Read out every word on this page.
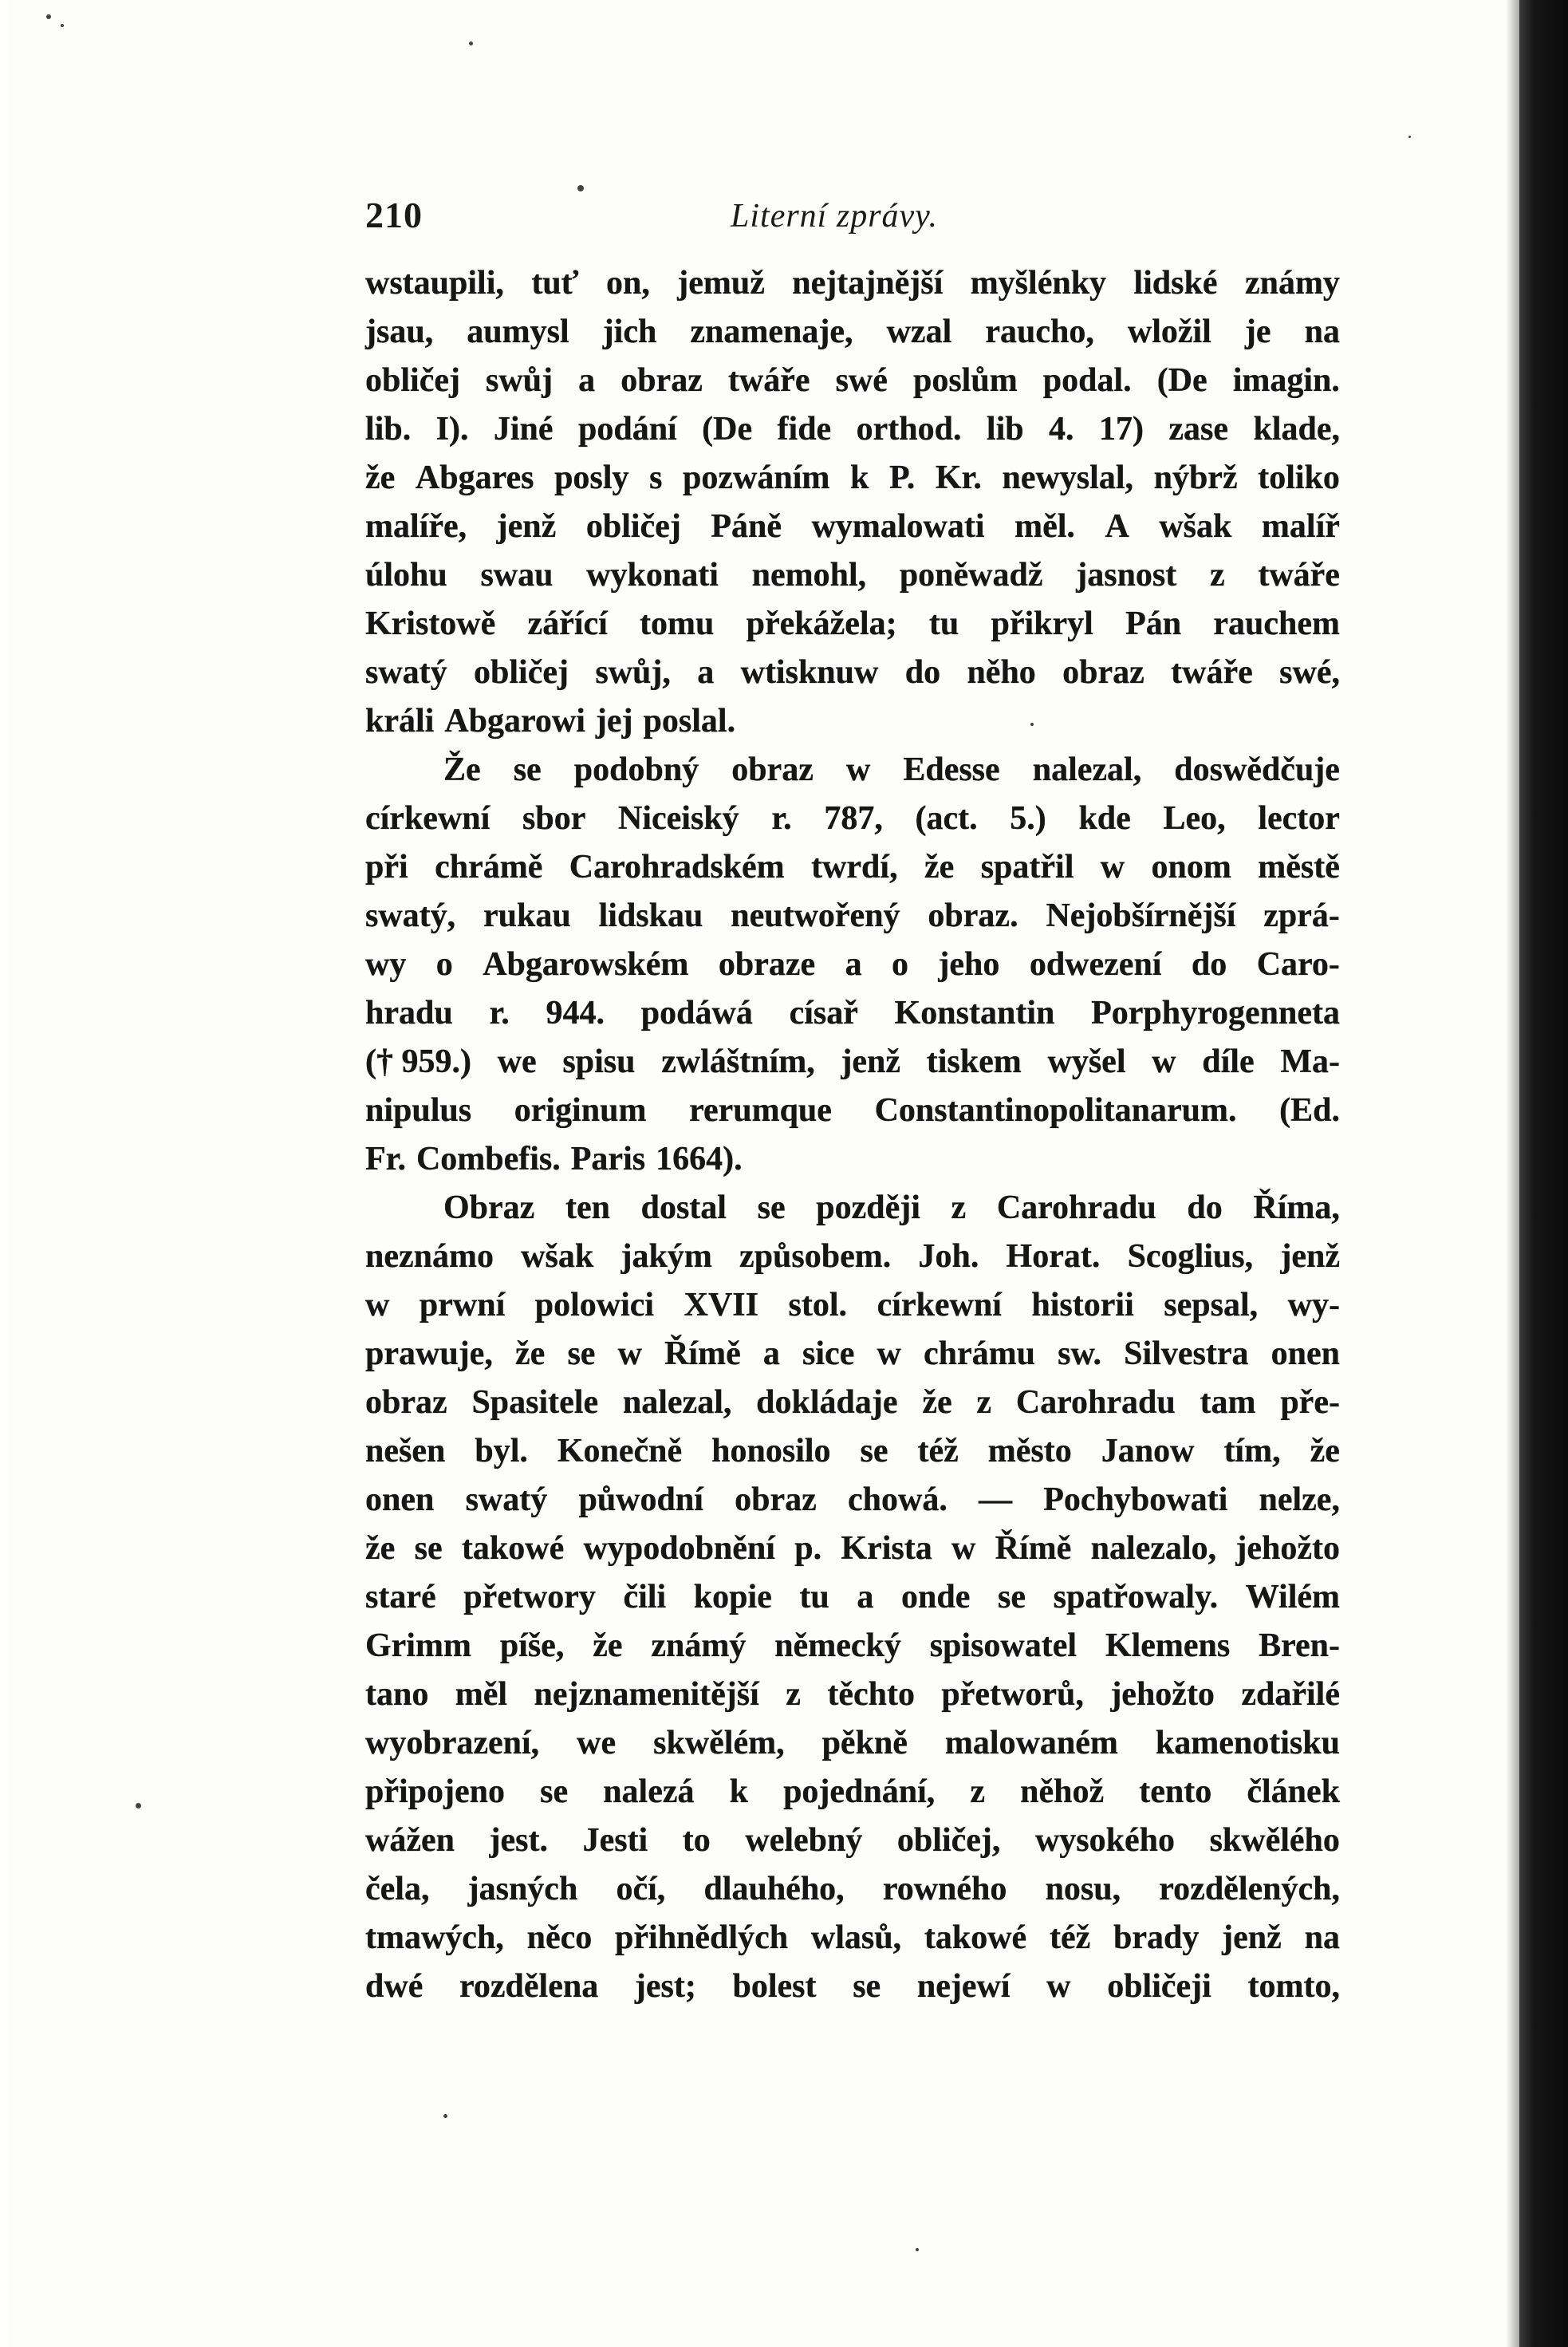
210	Literní zprávy.
wstaupili, tuť on, jemuž nejtajnější myšlénky lidské známy
jsau, aumysl jich znamenaje, wzal raucho, wložil je na
obličej swůj a obraz twáře swé poslům podal. (De imagin.
lib. I). Jiné podání (De fide orthod. lib 4. 17) zase klade,
že Abgares posly s pozwáním k P. Kr. newyslal, nýbrž toliko
malíře, jenž obličej Páně wymalowati měl. A wšak malíř
úlohu swau wykonati nemohl, poněwadž jasnost z twáře
Kristowě zářící tomu překážela; tu přikryl Pán rauchem
swatý obličej swůj, a wtisknuw do něho obraz twáře swé,
králi Abgarowi jej poslal.
Že se podobný obraz w Edesse nalezal, doswědčuje
církewní sbor Niceiský r. 787, (act. 5.) kde Leo, lector
při chrámě Carohradském twrdí, že spatřil w onom městě
swatý, rukau lidskau neutwořený obraz. Nejobšírnější zprá-
wy o Abgarowském obraze a o jeho odwezení do Caro-
hradu r. 944. podáwá císař Konstantin Porphyrogenneta
(† 959.) we spisu zwláštním, jenž tiskem wyšel w díle Ma-
nipulus originum rerumque Constantinopolitanarum. (Ed.
Fr. Combefis. Paris 1664).
Obraz ten dostal se později z Carohradu do Říma,
neznámo wšak jakým způsobem. Joh. Horat. Scoglius, jenž
w prwní polowici XVII stol. církewní historii sepsal, wy-
prawuje, že se w Římě a sice w chrámu sw. Silvestra onen
obraz Spasitele nalezal, dokládaje že z Carohradu tam pře-
nešen byl. Konečně honosilo se též město Janow tím, že
onen swatý půwodní obraz chowá. — Pochybowati nelze,
že se takowé wypodobnění p. Krista w Římě nalezalo, jehožto
staré přetwory čili kopie tu a onde se spatřowaly. Wilém
Grimm píše, že známý německý spisowatel Klemens Bren-
tano měl nejznamenitější z těchto přetworů, jehožto zdařilé
wyobrazení, we skwělém, pěkně malowaném kamenotisku
připojeno se nalezá k pojednání, z něhož tento článek
wážen jest. Jesti to welebný obličej, wysokého skwělého
čela, jasných očí, dlauhého, rowného nosu, rozdělených,
tmawých, něco přihnědlých wlasů, takowé též brady jenž na
dwé rozdělena jest; bolest se nejewí w obličeji tomto,
